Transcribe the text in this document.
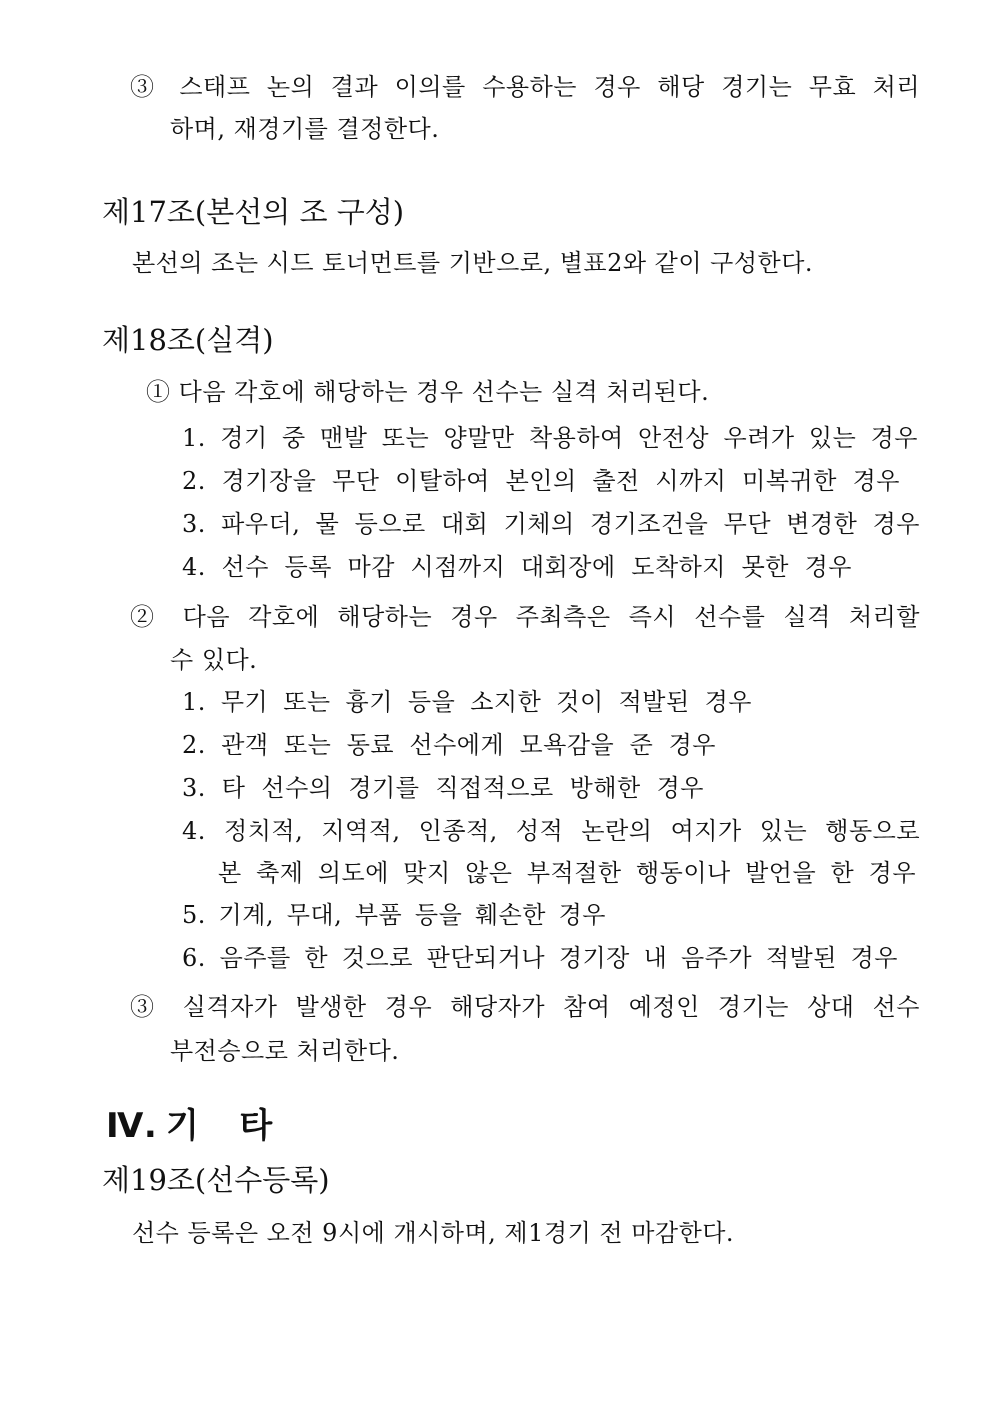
③ 스태프 논의 결과 이의를 수용하는 경우 해당 경기는 무효 처리
하며, 재경기를 결정한다.
제17조(본선의 조 구성)
본선의 조는 시드 토너먼트를 기반으로, 별표2와 같이 구성한다.
제18조(실격)
① 다음 각호에 해당하는 경우 선수는 실격 처리된다.
1. 경기 중 맨발 또는 양말만 착용하여 안전상 우려가 있는 경우
2. 경기장을 무단 이탈하여 본인의 출전 시까지 미복귀한 경우
3. 파우더, 물 등으로 대회 기체의 경기조건을 무단 변경한 경우
4. 선수 등록 마감 시점까지 대회장에 도착하지 못한 경우
② 다음 각호에 해당하는 경우 주최측은 즉시 선수를 실격 처리할
수 있다.
1. 무기 또는 흉기 등을 소지한 것이 적발된 경우
2. 관객 또는 동료 선수에게 모욕감을 준 경우
3. 타 선수의 경기를 직접적으로 방해한 경우
4. 정치적, 지역적, 인종적, 성적 논란의 여지가 있는 행동으로
본 축제 의도에 맞지 않은 부적절한 행동이나 발언을 한 경우
5. 기계, 무대, 부품 등을 훼손한 경우
6. 음주를 한 것으로 판단되거나 경기장 내 음주가 적발된 경우
③ 실격자가 발생한 경우 해당자가 참여 예정인 경기는 상대 선수
부전승으로 처리한다.
Ⅳ. 기 타
제19조(선수등록)
선수 등록은 오전 9시에 개시하며, 제1경기 전 마감한다.
